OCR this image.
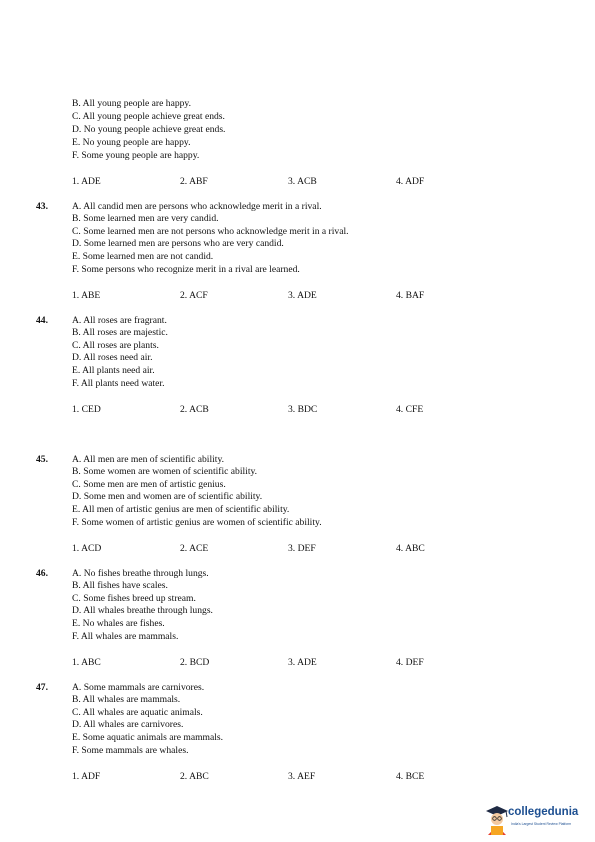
B. All young people are happy.
C. All young people achieve great ends.
D. No young people achieve great ends.
E. No young people are happy.
F. Some young people are happy.
1. ADE	2. ABF	3. ACB	4. ADF
43.	A. All candid men are persons who acknowledge merit in a rival.
B. Some learned men are very candid.
C. Some learned men are not persons who acknowledge merit in a rival.
D. Some learned men are persons who are very candid.
E. Some learned men are not candid.
F. Some persons who recognize merit in a rival are learned.
1. ABE	2. ACF	3. ADE	4. BAF
44.	A. All roses are fragrant.
B. All roses are majestic.
C. All roses are plants.
D. All roses need air.
E. All plants need air.
F. All plants need water.
1. CED	2. ACB	3. BDC	4. CFE
45.	A. All men are men of scientific ability.
B. Some women are women of scientific ability.
C. Some men are men of artistic genius.
D. Some men and women are of scientific ability.
E. All men of artistic genius are men of scientific ability.
F. Some women of artistic genius are women of scientific ability.
1. ACD	2. ACE	3. DEF	4. ABC
46.	A. No fishes breathe through lungs.
B. All fishes have scales.
C. Some fishes breed up stream.
D. All whales breathe through lungs.
E. No whales are fishes.
F. All whales are mammals.
1. ABC	2. BCD	3. ADE	4. DEF
47.	A. Some mammals are carnivores.
B. All whales are mammals.
C. All whales are aquatic animals.
D. All whales are carnivores.
E. Some aquatic animals are mammals.
F. Some mammals are whales.
1. ADF	2. ABC	3. AEF	4. BCE
collegedunia
India's Largest Student Review Platform
